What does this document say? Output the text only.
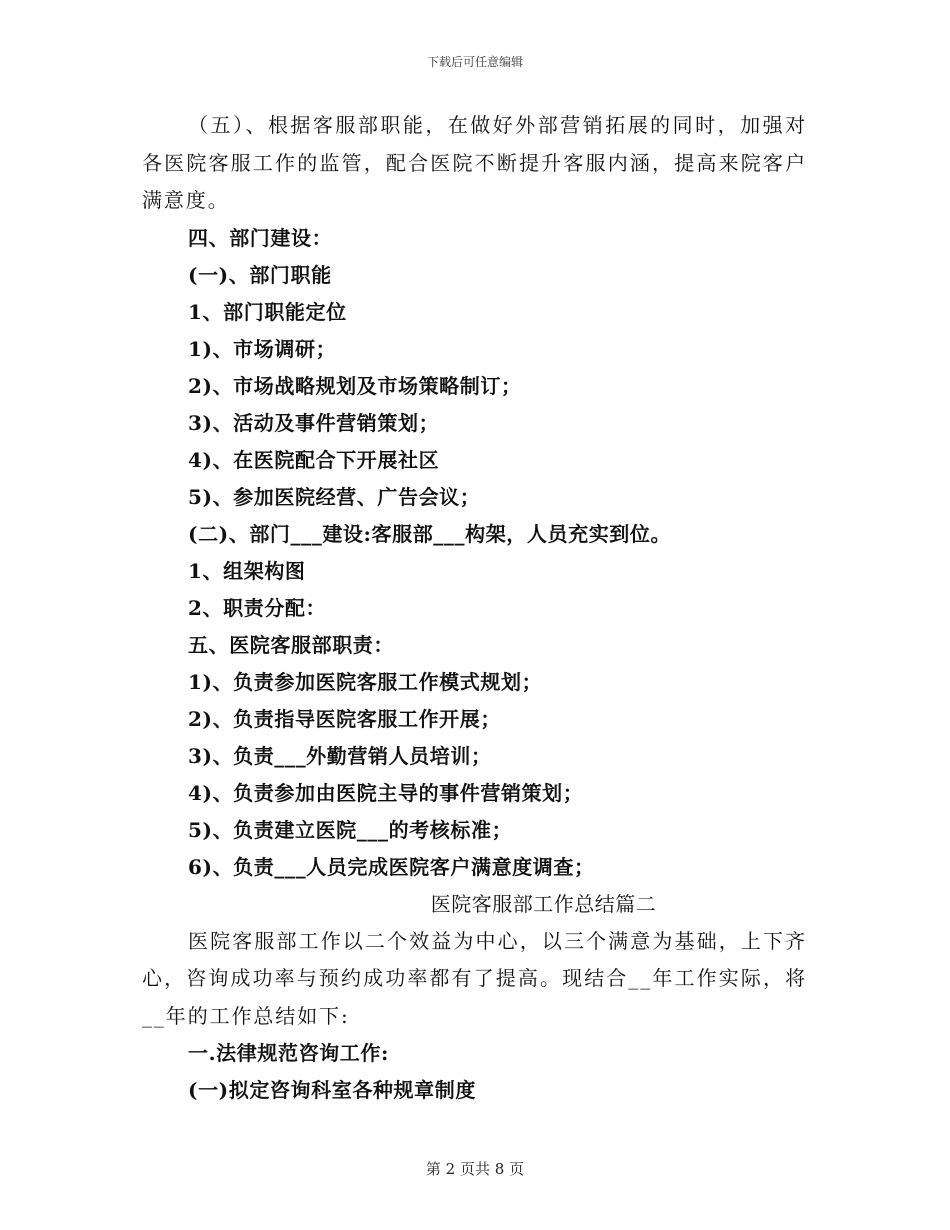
下载后可任意编辑

（五）、根据客服部职能，在做好外部营销拓展的同时，加强对各医院客服工作的监管，配合医院不断提升客服内涵，提高来院客户满意度。

四、部门建设：

(一)、部门职能

1、部门职能定位

1)、市场调研；

2)、市场战略规划及市场策略制订；

3)、活动及事件营销策划；

4)、在医院配合下开展社区

5)、参加医院经营、广告会议；

(二)、部门___建设:客服部___构架，人员充实到位。

1、组架构图

2、职责分配：

五、医院客服部职责：

1)、负责参加医院客服工作模式规划；

2)、负责指导医院客服工作开展；

3)、负责___外勤营销人员培训；

4)、负责参加由医院主导的事件营销策划；

5)、负责建立医院___的考核标准；

6)、负责___人员完成医院客户满意度调查；

医院客服部工作总结篇二

医院客服部工作以二个效益为中心，以三个满意为基础，上下齐心，咨询成功率与预约成功率都有了提高。现结合__年工作实际，将__年的工作总结如下:

一.法律规范咨询工作:

(一)拟定咨询科室各种规章制度

第 2 页共 8 页
